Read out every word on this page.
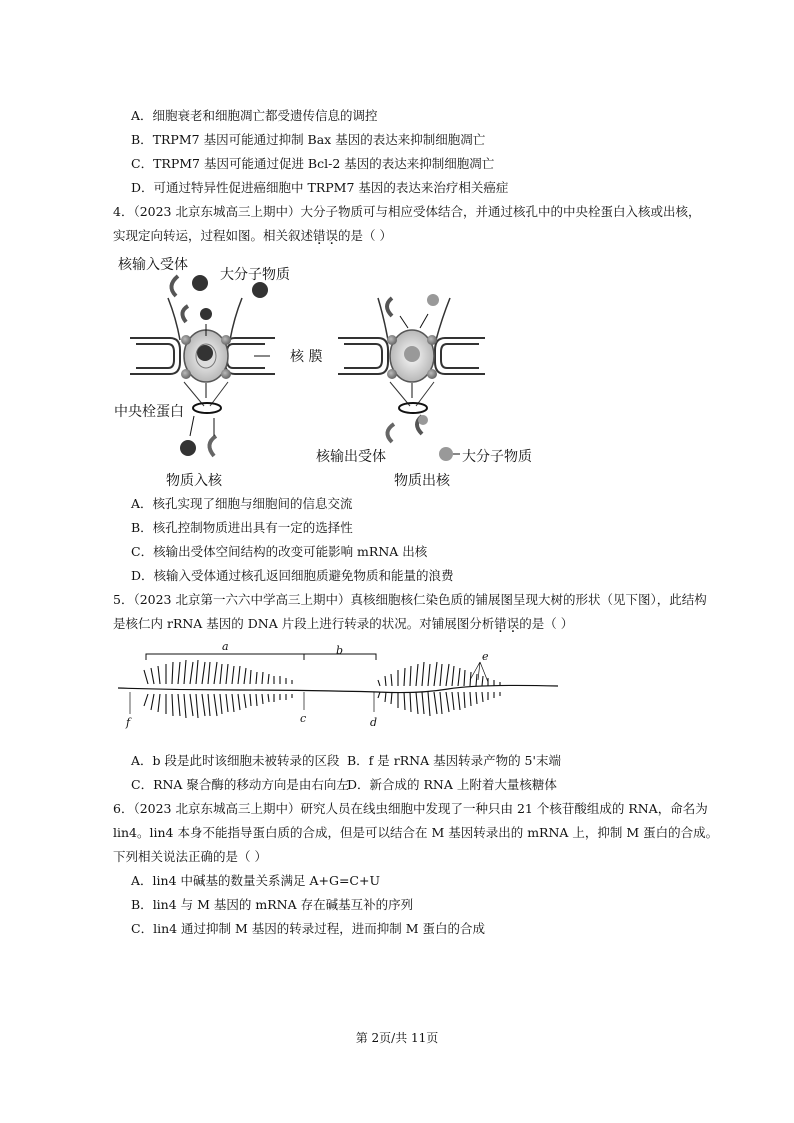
A．细胞衰老和细胞凋亡都受遗传信息的调控
B．TRPM7 基因可能通过抑制 Bax 基因的表达来抑制细胞凋亡
C．TRPM7 基因可能通过促进 Bcl-2 基因的表达来抑制细胞凋亡
D．可通过特异性促进癌细胞中 TRPM7 基因的表达来治疗相关癌症
4．（2023 北京东城高三上期中）大分子物质可与相应受体结合，并通过核孔中的中央栓蛋白入核或出核，
实现定向转运，过程如图。相关叙述错误的是（ ）
核输入受体
大分子物质
核 膜
中央栓蛋白
物质入核
核输出受体	大分子物质
物质出核
A．核孔实现了细胞与细胞间的信息交流
B．核孔控制物质进出具有一定的选择性
C．核输出受体空间结构的改变可能影响 mRNA 出核
D．核输入受体通过核孔返回细胞质避免物质和能量的浪费
5．（2023 北京第一六六中学高三上期中）真核细胞核仁染色质的铺展图呈现大树的形状（见下图），此结构
是核仁内 rRNA 基因的 DNA 片段上进行转录的状况。对铺展图分析错误的是（ ）
a	b
c	d
e
f
A．b 段是此时该细胞未被转录的区段 B．f 是 rRNA 基因转录产物的 5'末端
C．RNA 聚合酶的移动方向是由右向左
D．新合成的 RNA 上附着大量核糖体
6．（2023 北京东城高三上期中）研究人员在线虫细胞中发现了一种只由 21 个核苷酸组成的 RNA，命名为
lin4。lin4 本身不能指导蛋白质的合成，但是可以结合在 M 基因转录出的 mRNA 上，抑制 M 蛋白的合成。
下列相关说法正确的是（ ）
A．lin4 中碱基的数量关系满足 A+G=C+U
B．lin4 与 M 基因的 mRNA 存在碱基互补的序列
C．lin4 通过抑制 M 基因的转录过程，进而抑制 M 蛋白的合成
第 2页/共 11页
